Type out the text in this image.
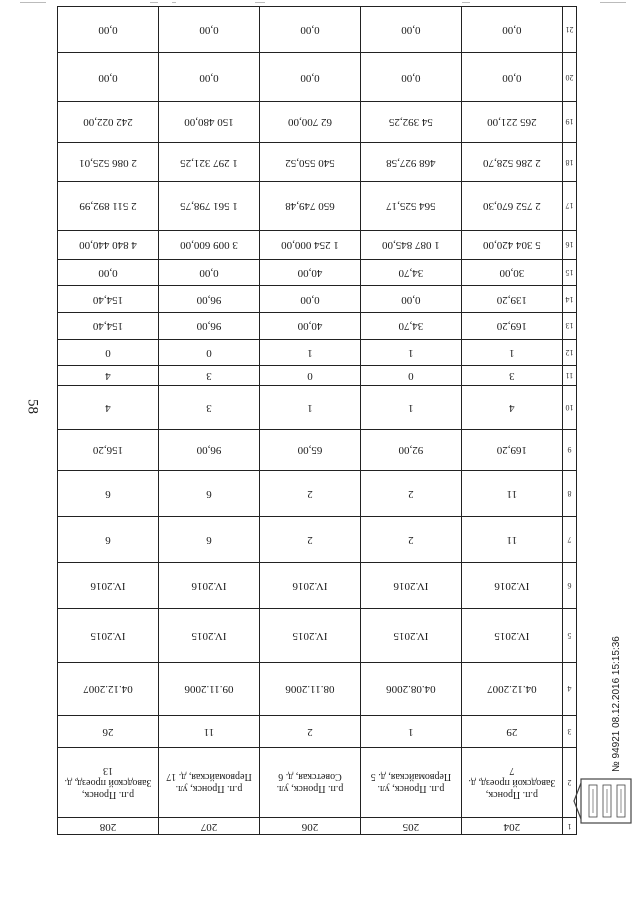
58
1	204	205	206	207	208
2	р.п. Пронск, Заводской проезд, д. 7	р.п. Пронск, ул. Первомайская, д. 5	р.п. Пронск, ул. Советская, д. 6	р.п. Пронск, ул. Первомайская, д. 17	р.п. Пронск, Заводской проезд, д. 13
3	29	1	2	11	26
4	04.12.2007	04.08.2006	08.11.2006	09.11.2006	04.12.2007
5	IV.2015	IV.2015	IV.2015	IV.2015	IV.2015
6	IV.2016	IV.2016	IV.2016	IV.2016	IV.2016
7	11	2	2	6	6
8	11	2	2	6	6
9	169,20	92,00	65,00	96,00	156,20
10	4	1	1	3	4
11	3	0	0	3	4
12	1	1	1	0	0
13	169,20	34,70	40,00	96,00	154,40
14	139,20	0,00	0,00	96,00	154,40
15	30,00	34,70	40,00	0,00	0,00
16	5 304 420,00	1 087 845,00	1 254 000,00	3 009 600,00	4 840 440,00
17	2 752 670,30	564 525,17	650 749,48	1 561 798,75	2 511 892,99
18	2 286 528,70	468 927,58	540 550,52	1 297 321,25	2 086 525,01
19	265 221,00	54 392,25	62 700,00	150 480,00	242 022,00
20	0,00	0,00	0,00	0,00	0,00
21	0,00	0,00	0,00	0,00	0,00
№ 94921 08.12.2016 15:15:36
